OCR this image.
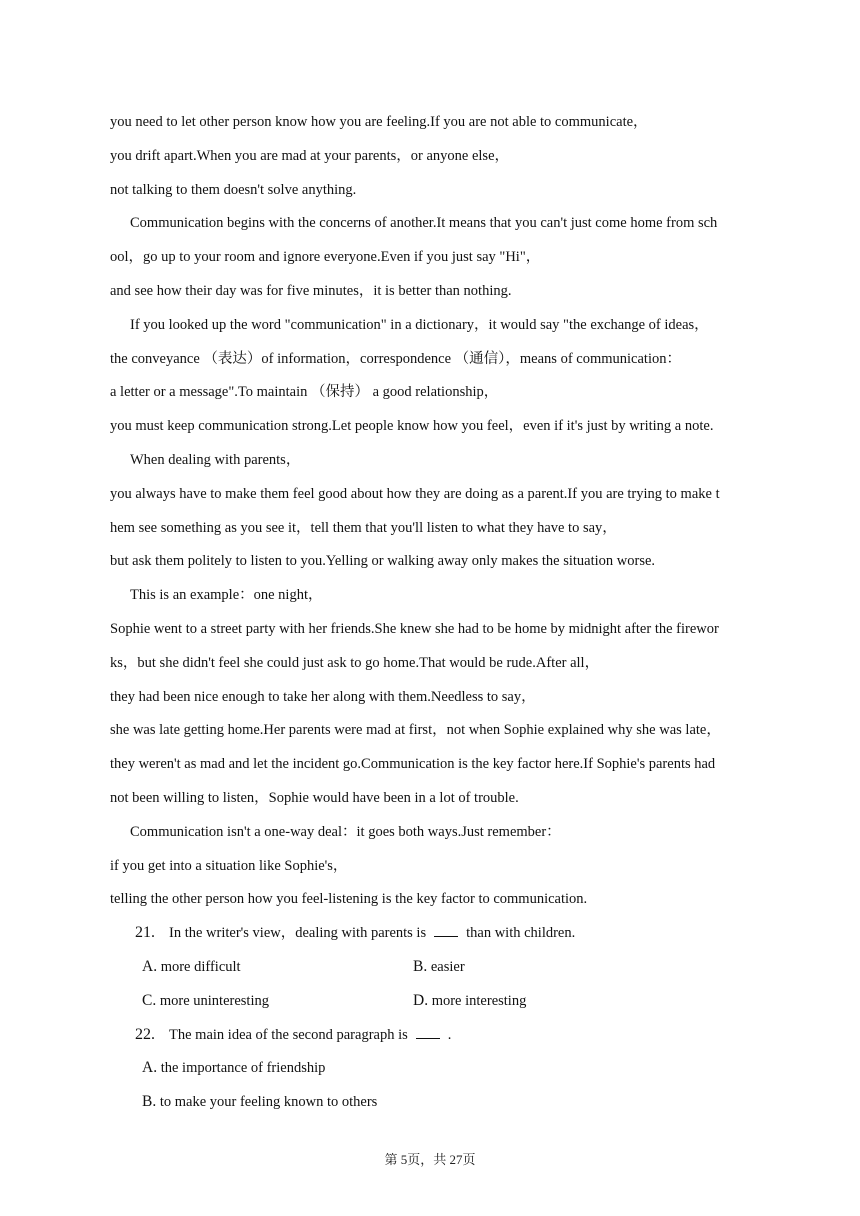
you need to let other person know how you are feeling.If you are not able to communicate，
you drift apart.When you are mad at your parents，or anyone else，
not talking to them doesn't solve anything.
Communication begins with the concerns of another.It means that you can't just come home from sch
ool，go up to your room and ignore everyone.Even if you just say "Hi"，
and see how their day was for five minutes，it is better than nothing.
If you looked up the word "communication" in a dictionary，it would say "the exchange of ideas，
the conveyance （表达）of information，correspondence （通信），means of communication：
a letter or a message".To maintain （保持） a good relationship，
you must keep communication strong.Let people know how you feel，even if it's just by writing a note.
When dealing with parents，
you always have to make them feel good about how they are doing as a parent.If you are trying to make t
hem see something as you see it，tell them that you'll listen to what they have to say，
but ask them politely to listen to you.Yelling or walking away only makes the situation worse.
This is an example：one night，
Sophie went to a street party with her friends.She knew she had to be home by midnight after the firewor
ks，but she didn't feel she could just ask to go home.That would be rude.After all，
they had been nice enough to take her along with them.Needless to say，
she was late getting home.Her parents were mad at first，not when Sophie explained why she was late，
they weren't as mad and let the incident go.Communication is the key factor here.If Sophie's parents had
not been willing to listen，Sophie would have been in a lot of trouble.
Communication isn't a one-way deal：it goes both ways.Just remember：
if you get into a situation like Sophie's，
telling the other person how you feel-listening is the key factor to communication.
21. In the writer's view，dealing with parents is	than with children.
A. more difficult	B. easier
C. more uninteresting	D. more interesting
22. The main idea of the second paragraph is	.
A. the importance of friendship
B. to make your feeling known to others
第 5页，共 27页
